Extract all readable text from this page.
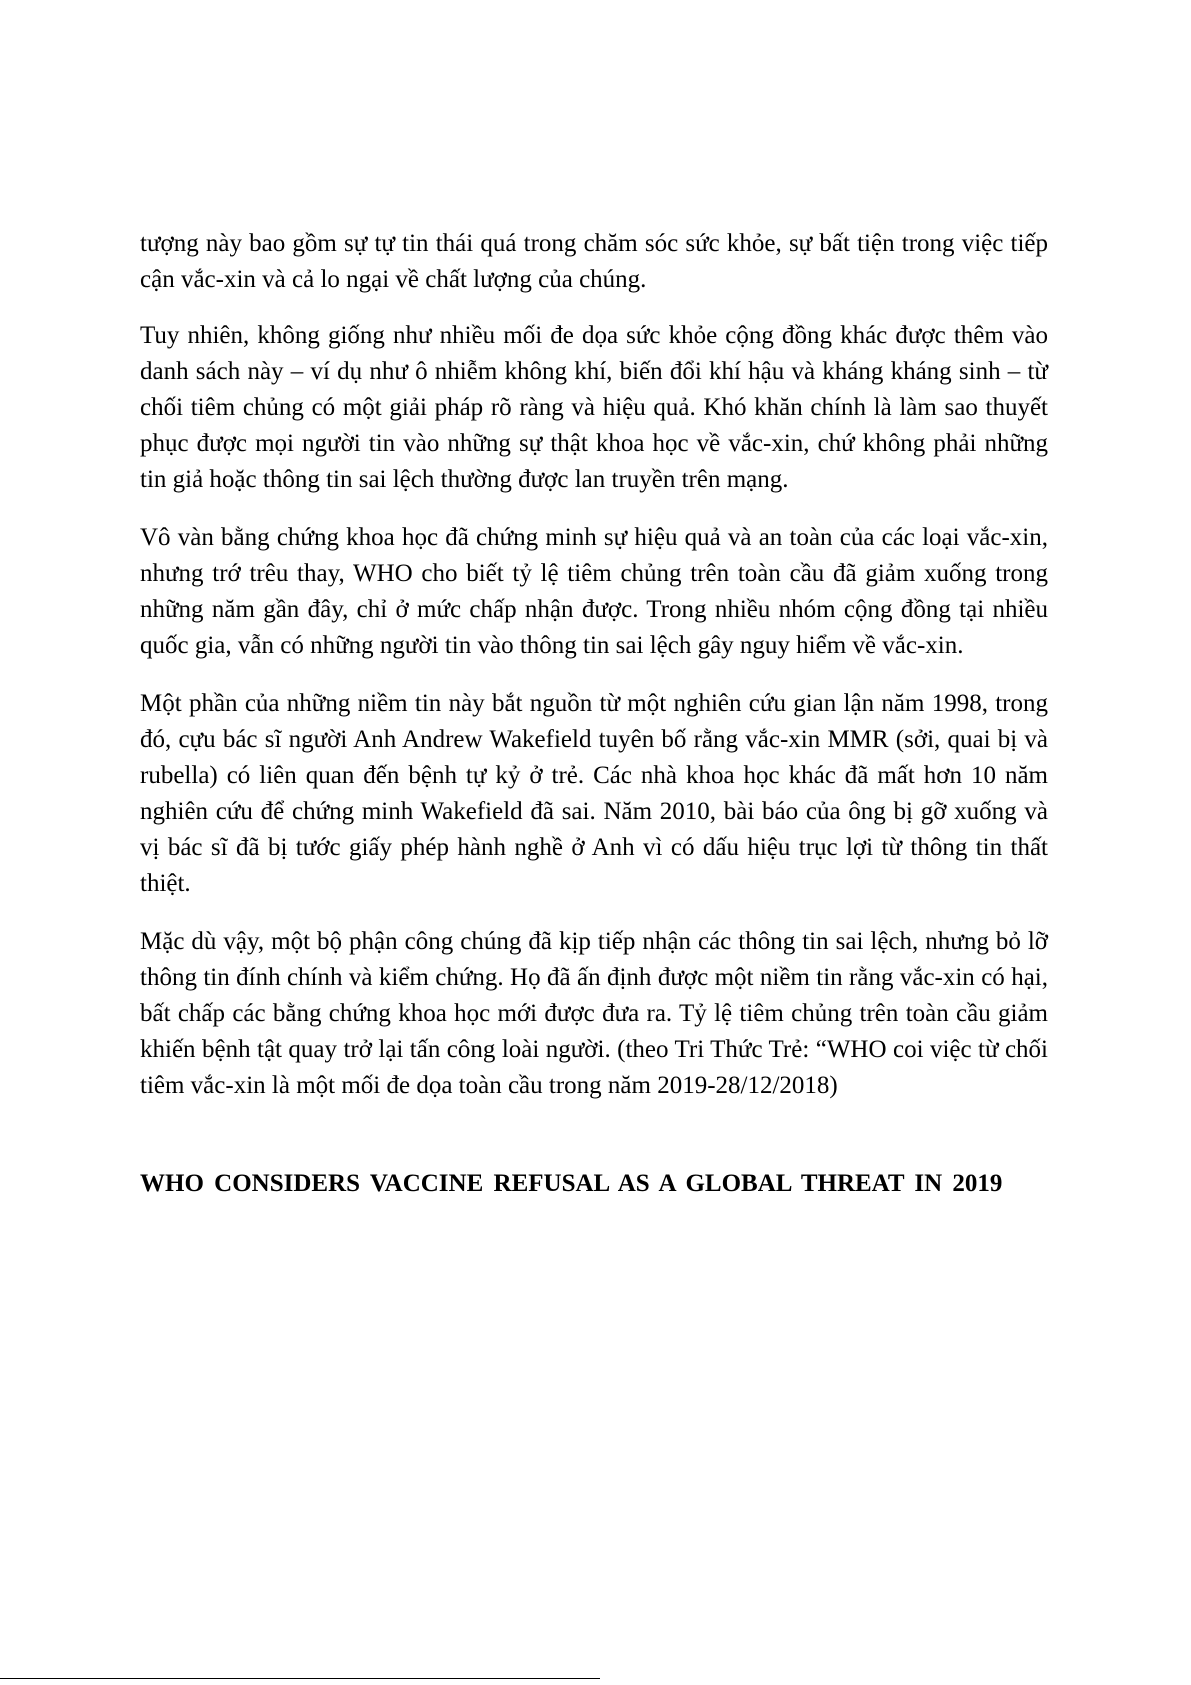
tượng này bao gồm sự tự tin thái quá trong chăm sóc sức khỏe, sự bất tiện trong việc tiếp cận vắc-xin và cả lo ngại về chất lượng của chúng.

Tuy nhiên, không giống như nhiều mối đe dọa sức khỏe cộng đồng khác được thêm vào danh sách này – ví dụ như ô nhiễm không khí, biến đổi khí hậu và kháng kháng sinh – từ chối tiêm chủng có một giải pháp rõ ràng và hiệu quả. Khó khăn chính là làm sao thuyết phục được mọi người tin vào những sự thật khoa học về vắc-xin, chứ không phải những tin giả hoặc thông tin sai lệch thường được lan truyền trên mạng.

Vô vàn bằng chứng khoa học đã chứng minh sự hiệu quả và an toàn của các loại vắc-xin, nhưng trớ trêu thay, WHO cho biết tỷ lệ tiêm chủng trên toàn cầu đã giảm xuống trong những năm gần đây, chỉ ở mức chấp nhận được. Trong nhiều nhóm cộng đồng tại nhiều quốc gia, vẫn có những người tin vào thông tin sai lệch gây nguy hiểm về vắc-xin.

Một phần của những niềm tin này bắt nguồn từ một nghiên cứu gian lận năm 1998, trong đó, cựu bác sĩ người Anh Andrew Wakefield tuyên bố rằng vắc-xin MMR (sởi, quai bị và rubella) có liên quan đến bệnh tự kỷ ở trẻ. Các nhà khoa học khác đã mất hơn 10 năm nghiên cứu để chứng minh Wakefield đã sai. Năm 2010, bài báo của ông bị gỡ xuống và vị bác sĩ đã bị tước giấy phép hành nghề ở Anh vì có dấu hiệu trục lợi từ thông tin thất thiệt.

Mặc dù vậy, một bộ phận công chúng đã kịp tiếp nhận các thông tin sai lệch, nhưng bỏ lỡ thông tin đính chính và kiểm chứng. Họ đã ấn định được một niềm tin rằng vắc-xin có hại, bất chấp các bằng chứng khoa học mới được đưa ra. Tỷ lệ tiêm chủng trên toàn cầu giảm khiến bệnh tật quay trở lại tấn công loài người. (theo Tri Thức Trẻ: “WHO coi việc từ chối tiêm vắc-xin là một mối đe dọa toàn cầu trong năm 2019-28/12/2018)

WHO CONSIDERS VACCINE REFUSAL AS A GLOBAL THREAT IN 2019
